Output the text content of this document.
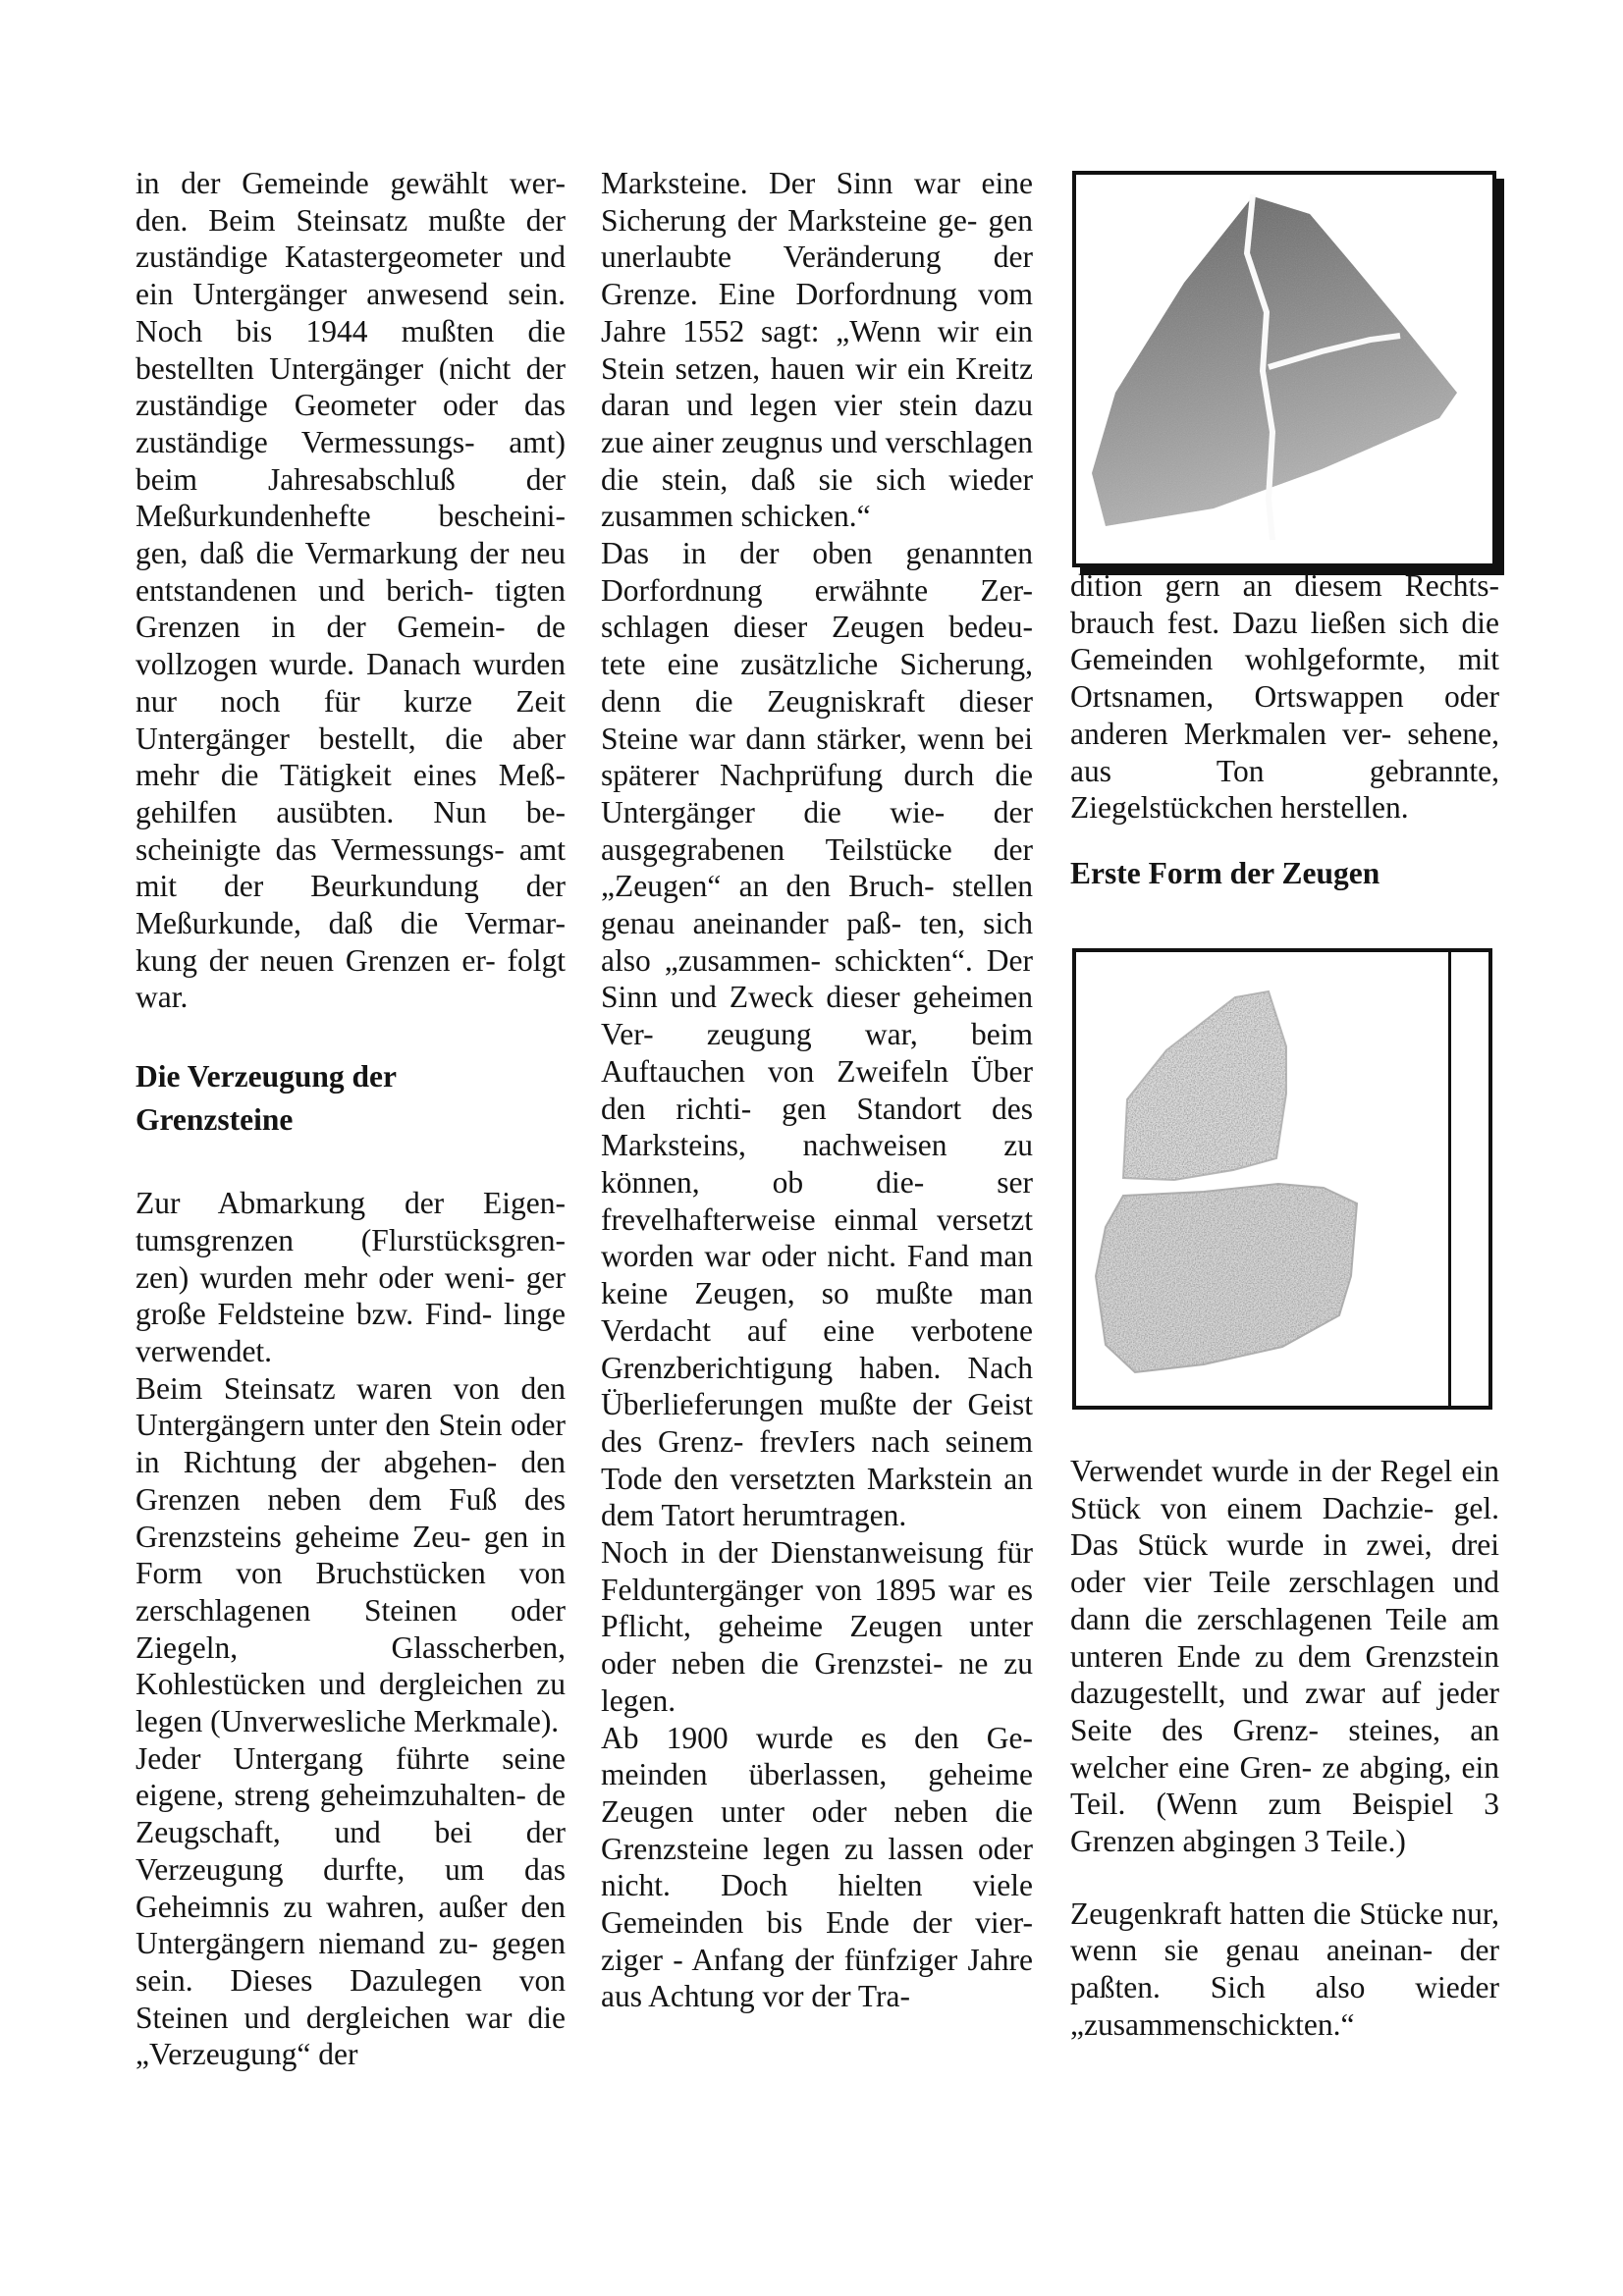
in der Gemeinde gewählt wer- den. Beim Steinsatz mußte der zuständige Katastergeometer und ein Untergänger anwesend sein. Noch bis 1944 mußten die bestellten Untergänger (nicht der zuständige Geometer oder das zuständige Vermessungs- amt) beim Jahresabschluß der Meßurkundenhefte bescheini- gen, daß die Vermarkung der neu entstandenen und berich- tigten Grenzen in der Gemein- de vollzogen wurde. Danach wurden nur noch für kurze Zeit Untergänger bestellt, die aber mehr die Tätigkeit eines Meß- gehilfen ausübten. Nun be- scheinigte das Vermessungs- amt mit der Beurkundung der Meßurkunde, daß die Vermar- kung der neuen Grenzen er- folgt war.

Die Verzeugung der Grenzsteine

Zur Abmarkung der Eigen- tumsgrenzen (Flurstücksgren- zen) wurden mehr oder weni- ger große Feldsteine bzw. Find- linge verwendet.

Beim Steinsatz waren von den Untergängern unter den Stein oder in Richtung der abgehen- den Grenzen neben dem Fuß des Grenzsteins geheime Zeu- gen in Form von Bruchstücken von zerschlagenen Steinen oder Ziegeln, Glasscherben, Kohlestücken und dergleichen zu legen (Unverwesliche Merkmale).

Jeder Untergang führte seine eigene, streng geheimzuhalten- de Zeugschaft, und bei der Verzeugung durfte, um das Geheimnis zu wahren, außer den Untergängern niemand zu- gegen sein. Dieses Dazulegen von Steinen und dergleichen war die „Verzeugung“ der

Marksteine. Der Sinn war eine Sicherung der Marksteine ge- gen unerlaubte Veränderung der Grenze. Eine Dorfordnung vom Jahre 1552 sagt: „Wenn wir ein Stein setzen, hauen wir ein Kreitz daran und legen vier stein dazu zue ainer zeugnus und verschlagen die stein, daß sie sich wieder zusammen schicken.“

Das in der oben genannten Dorfordnung erwähnte Zer- schlagen dieser Zeugen bedeu- tete eine zusätzliche Sicherung, denn die Zeugniskraft dieser Steine war dann stärker, wenn bei späterer Nachprüfung durch die Untergänger die wie- der ausgegrabenen Teilstücke der „Zeugen“ an den Bruch- stellen genau aneinander paß- ten, sich also „zusammen- schickten“. Der Sinn und Zweck dieser geheimen Ver- zeugung war, beim Auftauchen von Zweifeln Über den richti- gen Standort des Marksteins, nachweisen zu können, ob die- ser frevelhafterweise einmal versetzt worden war oder nicht. Fand man keine Zeugen, so mußte man Verdacht auf eine verbotene Grenzberichtigung haben. Nach Überlieferungen mußte der Geist des Grenz- frevIers nach seinem Tode den versetzten Markstein an dem Tatort herumtragen.

Noch in der Dienstanweisung für Felduntergänger von 1895 war es Pflicht, geheime Zeugen unter oder neben die Grenzstei- ne zu legen.

Ab 1900 wurde es den Ge- meinden überlassen, geheime Zeugen unter oder neben die Grenzsteine legen zu lassen oder nicht. Doch hielten viele Gemeinden bis Ende der vier- ziger - Anfang der fünfziger Jahre aus Achtung vor der Tra-

dition gern an diesem Rechts- brauch fest. Dazu ließen sich die Gemeinden wohlgeformte, mit Ortsnamen, Ortswappen oder anderen Merkmalen ver- sehene, aus Ton gebrannte, Ziegelstückchen herstellen.

Erste Form der Zeugen

Verwendet wurde in der Regel ein Stück von einem Dachzie- gel. Das Stück wurde in zwei, drei oder vier Teile zerschlagen und dann die zerschlagenen Teile am unteren Ende zu dem Grenzstein dazugestellt, und zwar auf jeder Seite des Grenz- steines, an welcher eine Gren- ze abging, ein Teil. (Wenn zum Beispiel 3 Grenzen abgingen 3 Teile.)

Zeugenkraft hatten die Stücke nur, wenn sie genau aneinan- der paßten. Sich also wieder „zusammenschickten.“
